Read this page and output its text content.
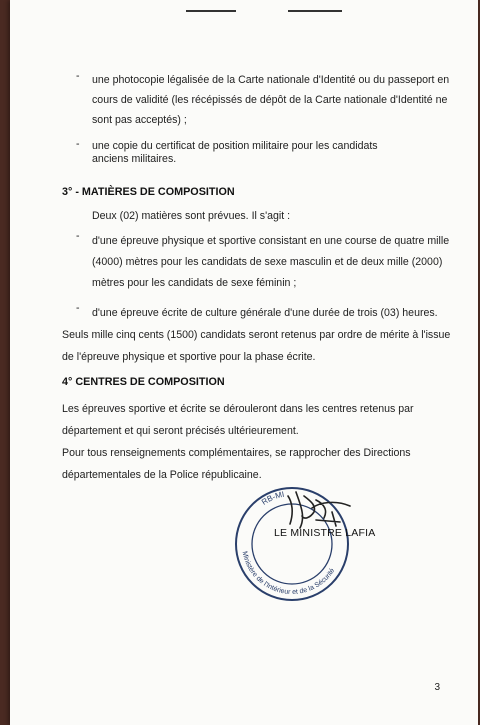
- une photocopie légalisée de la Carte nationale d'Identité ou du passeport en cours de validité (les récépissés de dépôt de la Carte nationale d'Identité ne sont pas acceptés) ;
- une copie du certificat de position militaire pour les candidats anciens militaires.
3° - MATIÈRES DE COMPOSITION
Deux (02) matières sont prévues. Il s'agit :
- d'une épreuve physique et sportive consistant en une course de quatre mille (4000) mètres pour les candidats de sexe masculin et de deux mille (2000) mètres pour les candidats de sexe féminin ;
- d'une épreuve écrite de culture générale d'une durée de trois (03) heures.
Seuls mille cinq cents (1500) candidats seront retenus par ordre de mérite à l'issue de l'épreuve physique et sportive pour la phase écrite.
4° CENTRES DE COMPOSITION
Les épreuves sportive et écrite se dérouleront dans les centres retenus par département et qui seront précisés ultérieurement.
Pour tous renseignements complémentaires, se rapprocher des Directions départementales de la Police républicaine.
RB-MI
Ministère de l'Intérieur et de la Sécurité
LE MINISTRE LAFIA
3
